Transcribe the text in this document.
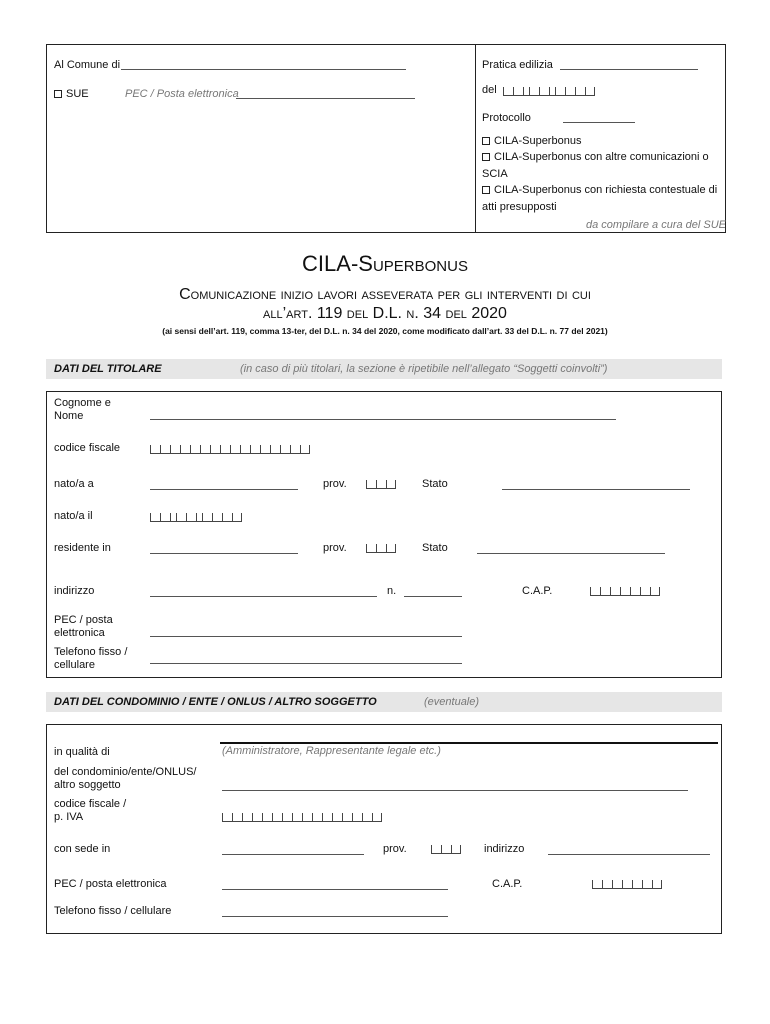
Al Comune di
SUE	PEC / Posta elettronica
Pratica edilizia
del
Protocollo
CILA-Superbonus
CILA-Superbonus con altre comunicazioni o
SCIA
CILA-Superbonus con richiesta contestuale di
atti presupposti
da compilare a cura del SUE
CILA-Superbonus
Comunicazione inizio lavori asseverata per gli interventi di cui
all’art. 119 del D.L. n. 34 del 2020
(ai sensi dell’art. 119, comma 13-ter, del D.L. n. 34 del 2020, come modificato dall’art. 33 del D.L. n. 77 del 2021)
DATI DEL TITOLARE	(in caso di più titolari, la sezione è ripetibile nell’allegato “Soggetti coinvolti”)
Cognome e
Nome
codice fiscale
nato/a a	prov.	Stato
nato/a il
residente in	prov.	Stato
indirizzo	n.	C.A.P.
PEC / posta
elettronica
Telefono fisso /
cellulare
DATI DEL CONDOMINIO / ENTE / ONLUS / ALTRO SOGGETTO	(eventuale)
in qualità di	(Amministratore, Rappresentante legale etc.)
del condominio/ente/ONLUS/
altro soggetto
codice fiscale /
p. IVA
con sede in	prov.	indirizzo
PEC / posta elettronica	C.A.P.
Telefono fisso / cellulare
